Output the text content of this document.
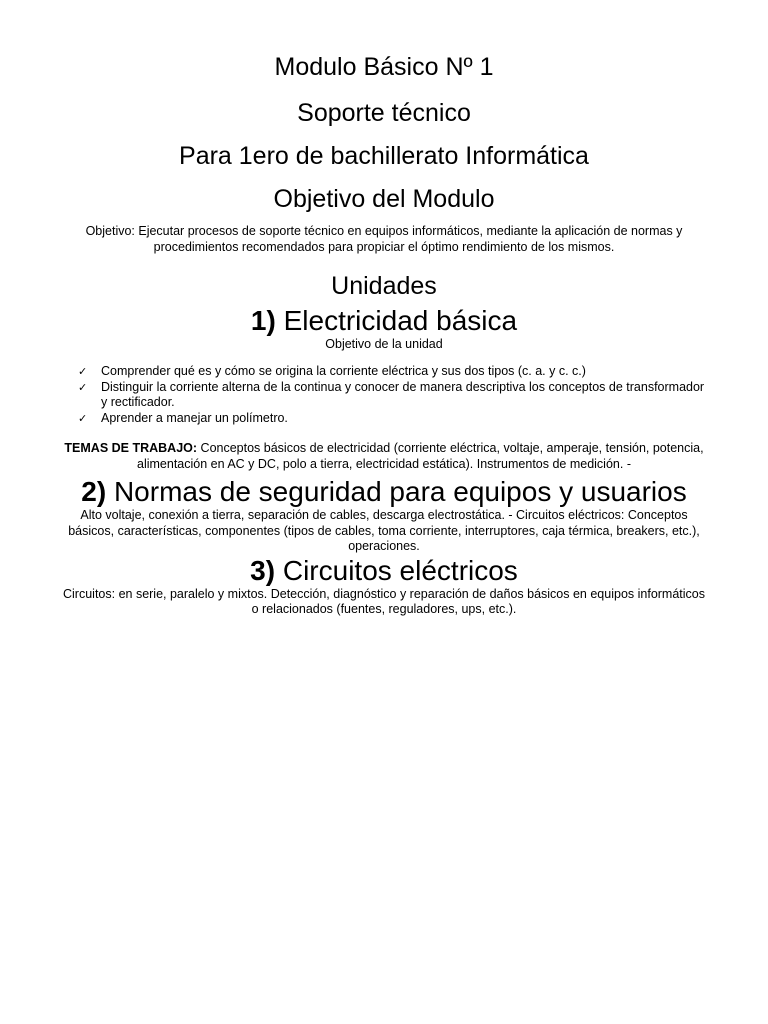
Modulo Básico Nº 1
Soporte técnico
Para 1ero de bachillerato Informática
Objetivo del Modulo

Objetivo: Ejecutar procesos de soporte técnico en equipos informáticos, mediante la aplicación de normas y procedimientos recomendados para propiciar el óptimo rendimiento de los mismos.

Unidades
1) Electricidad básica
Objetivo de la unidad
✓ Comprender qué es y cómo se origina la corriente eléctrica y sus dos tipos (c. a. y c. c.)
✓ Distinguir la corriente alterna de la continua y conocer de manera descriptiva los conceptos de transformador y rectificador.
✓ Aprender a manejar un polímetro.

TEMAS DE TRABAJO: Conceptos básicos de electricidad (corriente eléctrica, voltaje, amperaje, tensión, potencia, alimentación en AC y DC, polo a tierra, electricidad estática). Instrumentos de medición. -

2) Normas de seguridad para equipos y usuarios

Alto voltaje, conexión a tierra, separación de cables, descarga electrostática. - Circuitos eléctricos: Conceptos básicos, características, componentes (tipos de cables, toma corriente, interruptores, caja térmica, breakers, etc.), operaciones.

3) Circuitos eléctricos

Circuitos: en serie, paralelo y mixtos. Detección, diagnóstico y reparación de daños básicos en equipos informáticos o relacionados (fuentes, reguladores, ups, etc.).
